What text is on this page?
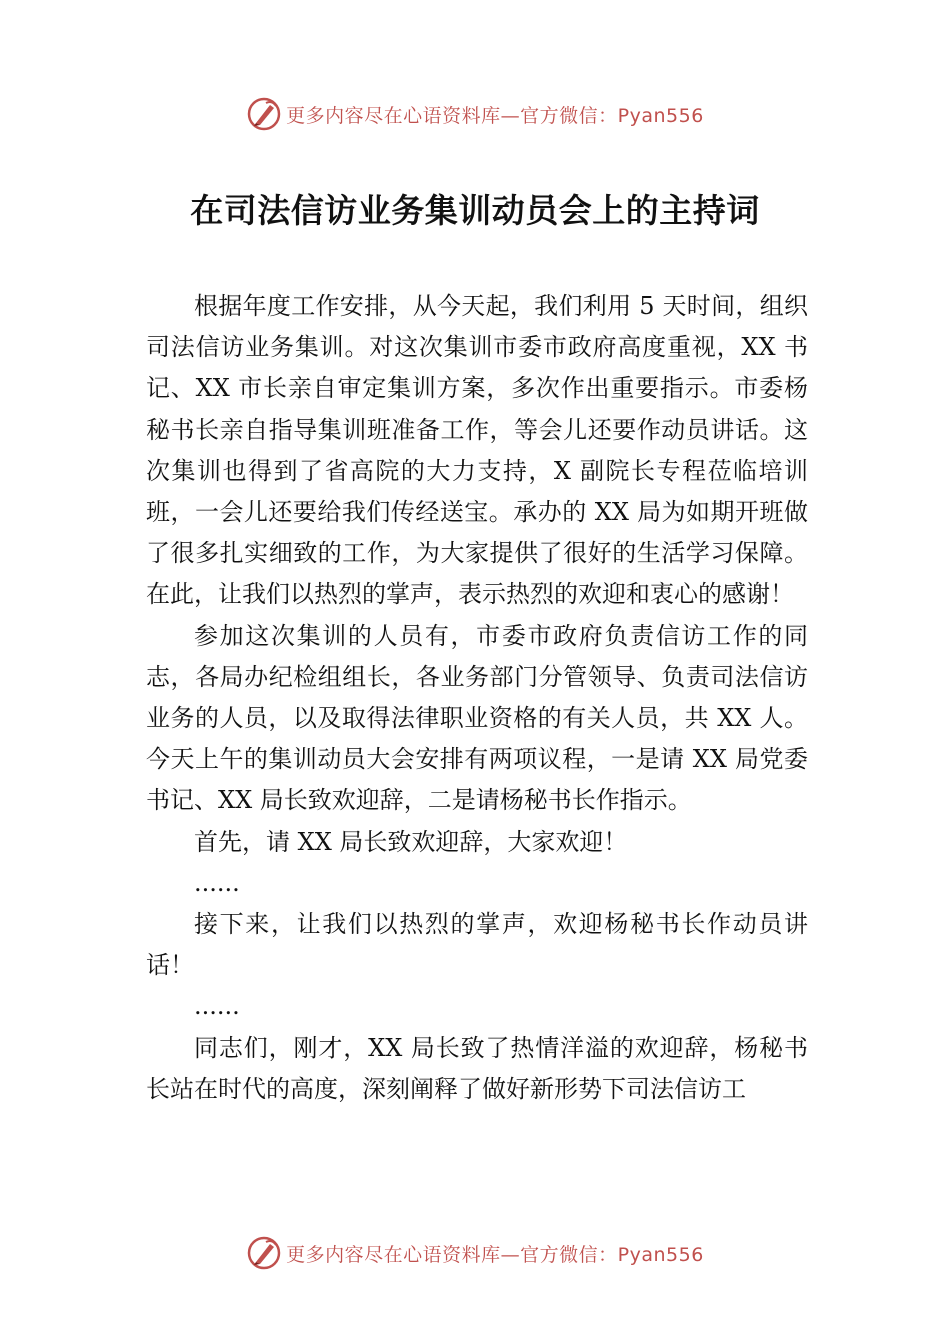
更多内容尽在心语资料库—官方微信：Pyan556
在司法信访业务集训动员会上的主持词

根据年度工作安排，从今天起，我们利用 5 天时间，组织司法信访业务集训。对这次集训市委市政府高度重视，XX 书记、XX 市长亲自审定集训方案，多次作出重要指示。市委杨秘书长亲自指导集训班准备工作，等会儿还要作动员讲话。这次集训也得到了省高院的大力支持，X 副院长专程莅临培训班，一会儿还要给我们传经送宝。承办的 XX 局为如期开班做了很多扎实细致的工作，为大家提供了很好的生活学习保障。在此，让我们以热烈的掌声，表示热烈的欢迎和衷心的感谢！

参加这次集训的人员有，市委市政府负责信访工作的同志，各局办纪检组组长，各业务部门分管领导、负责司法信访业务的人员，以及取得法律职业资格的有关人员，共 XX 人。今天上午的集训动员大会安排有两项议程，一是请 XX 局党委书记、XX 局长致欢迎辞，二是请杨秘书长作指示。

首先，请 XX 局长致欢迎辞，大家欢迎！

......

接下来，让我们以热烈的掌声，欢迎杨秘书长作动员讲话！

......

同志们，刚才，XX 局长致了热情洋溢的欢迎辞，杨秘书长站在时代的高度，深刻阐释了做好新形势下司法信访工

更多内容尽在心语资料库—官方微信：Pyan556
